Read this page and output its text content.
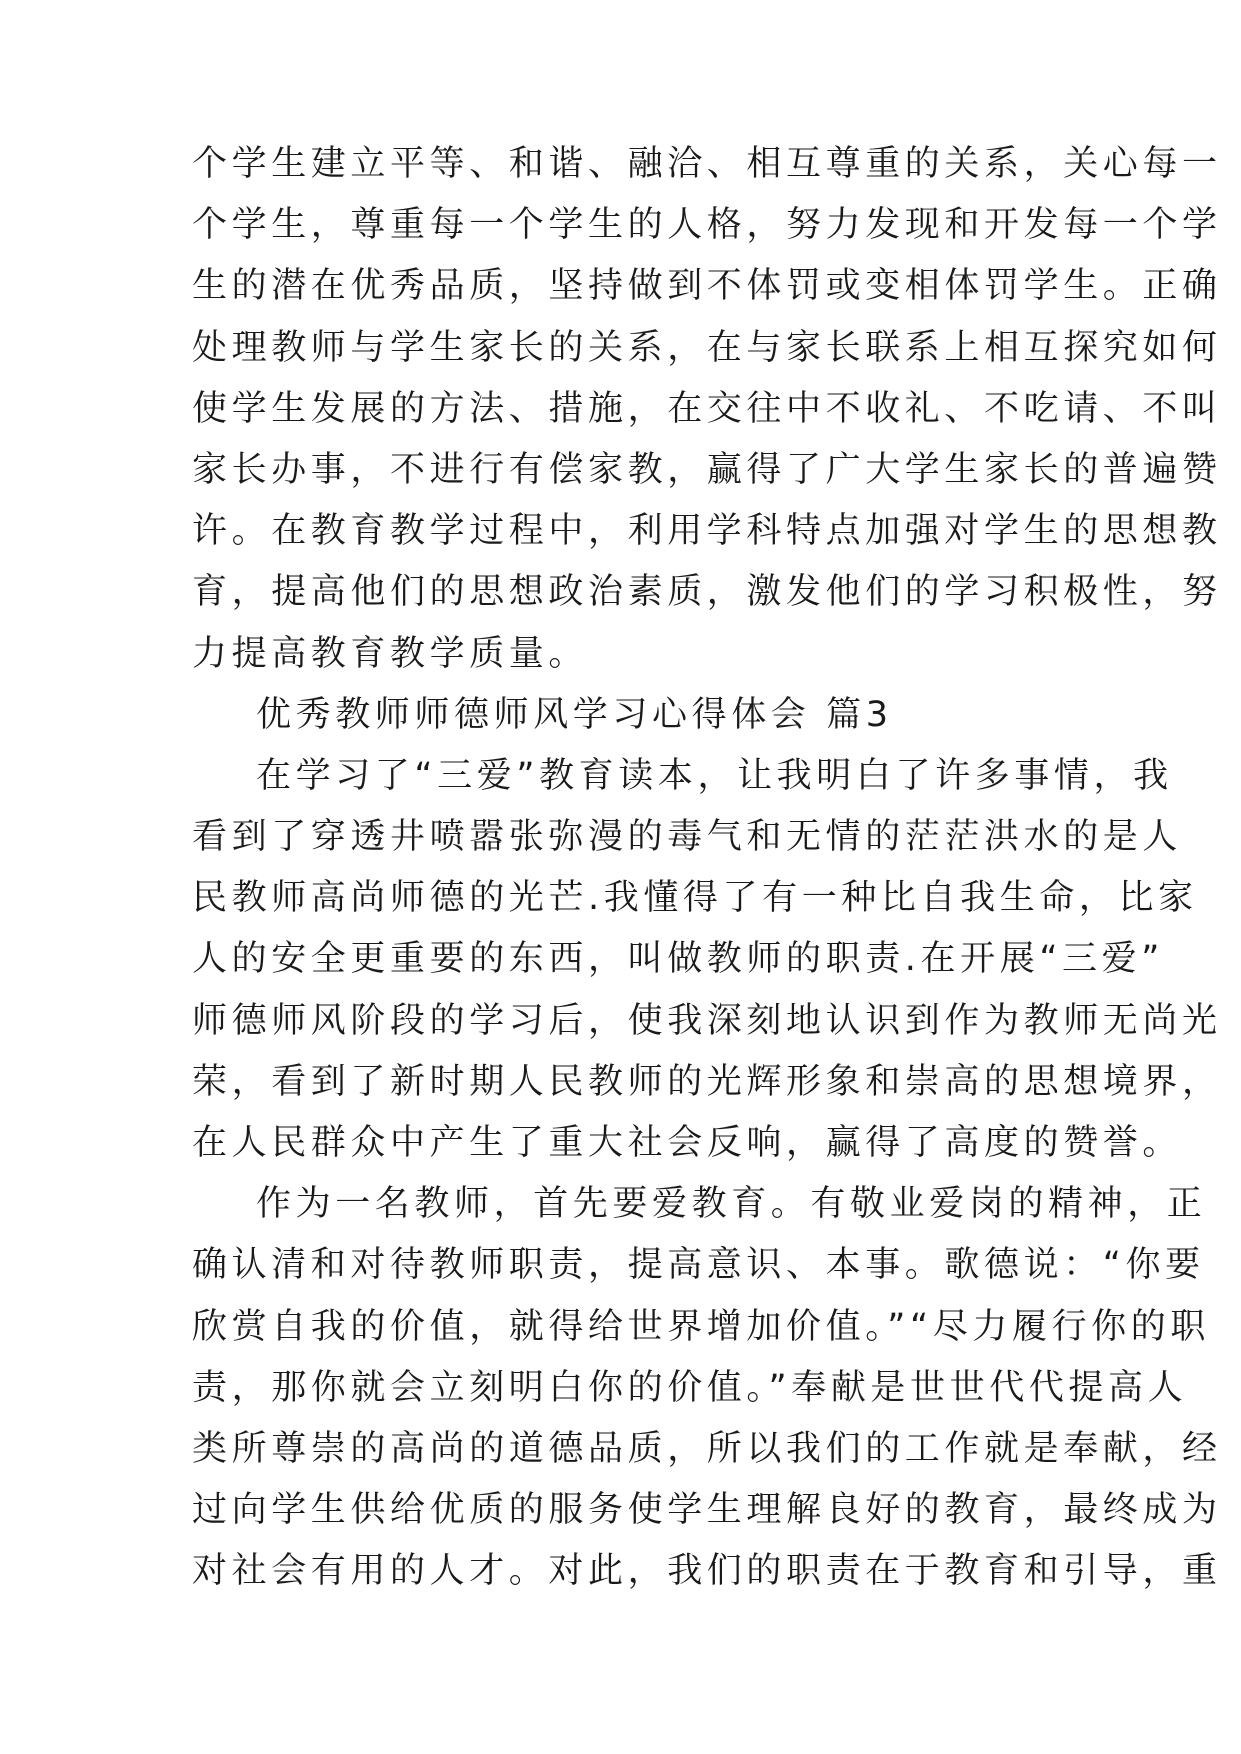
个学生建立平等、和谐、融洽、相互尊重的关系，关心每一
个学生，尊重每一个学生的人格，努力发现和开发每一个学
生的潜在优秀品质，坚持做到不体罚或变相体罚学生。正确
处理教师与学生家长的关系，在与家长联系上相互探究如何
使学生发展的方法、措施，在交往中不收礼、不吃请、不叫
家长办事，不进行有偿家教，赢得了广大学生家长的普遍赞
许。在教育教学过程中，利用学科特点加强对学生的思想教
育，提高他们的思想政治素质，激发他们的学习积极性，努
力提高教育教学质量。
优秀教师师德师风学习心得体会 篇3
在学习了“三爱”教育读本，让我明白了许多事情，我
看到了穿透井喷嚣张弥漫的毒气和无情的茫茫洪水的是人
民教师高尚师德的光芒.我懂得了有一种比自我生命，比家
人的安全更重要的东西，叫做教师的职责.在开展“三爱”
师德师风阶段的学习后，使我深刻地认识到作为教师无尚光
荣，看到了新时期人民教师的光辉形象和崇高的思想境界，
在人民群众中产生了重大社会反响，赢得了高度的赞誉。
作为一名教师，首先要爱教育。有敬业爱岗的精神，正
确认清和对待教师职责，提高意识、本事。歌德说：“你要
欣赏自我的价值，就得给世界增加价值。”“尽力履行你的职
责，那你就会立刻明白你的价值。”奉献是世世代代提高人
类所尊崇的高尚的道德品质，所以我们的工作就是奉献，经
过向学生供给优质的服务使学生理解良好的教育，最终成为
对社会有用的人才。对此，我们的职责在于教育和引导，重
